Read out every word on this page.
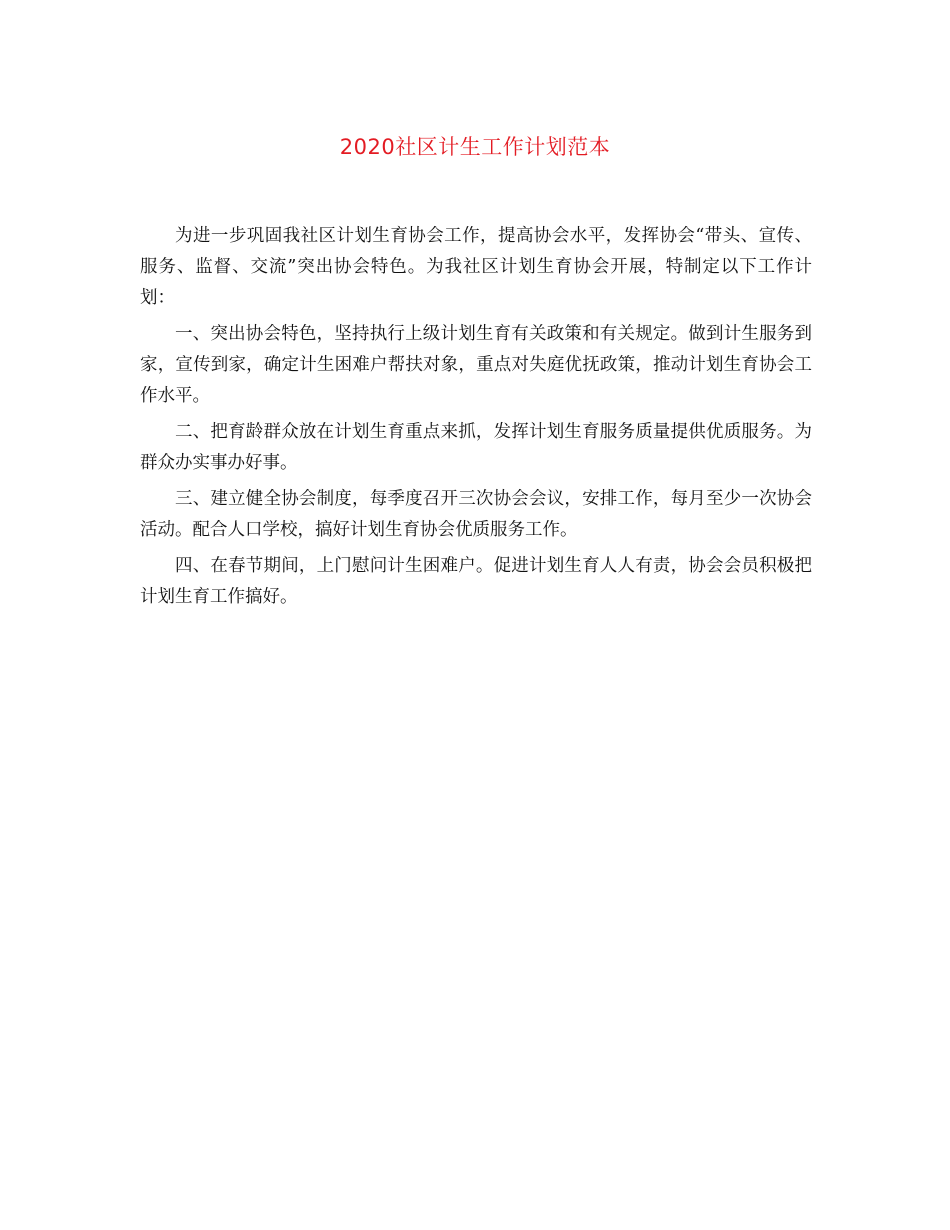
2020社区计生工作计划范本

为进一步巩固我社区计划生育协会工作，提高协会水平，发挥协会“带头、宣传、服务、监督、交流”突出协会特色。为我社区计划生育协会开展，特制定以下工作计划：

一、突出协会特色，坚持执行上级计划生育有关政策和有关规定。做到计生服务到家，宣传到家，确定计生困难户帮扶对象，重点对失庭优抚政策，推动计划生育协会工作水平。

二、把育龄群众放在计划生育重点来抓，发挥计划生育服务质量提供优质服务。为群众办实事办好事。

三、建立健全协会制度，每季度召开三次协会会议，安排工作，每月至少一次协会活动。配合人口学校，搞好计划生育协会优质服务工作。

四、在春节期间，上门慰问计生困难户。促进计划生育人人有责，协会会员积极把计划生育工作搞好。
